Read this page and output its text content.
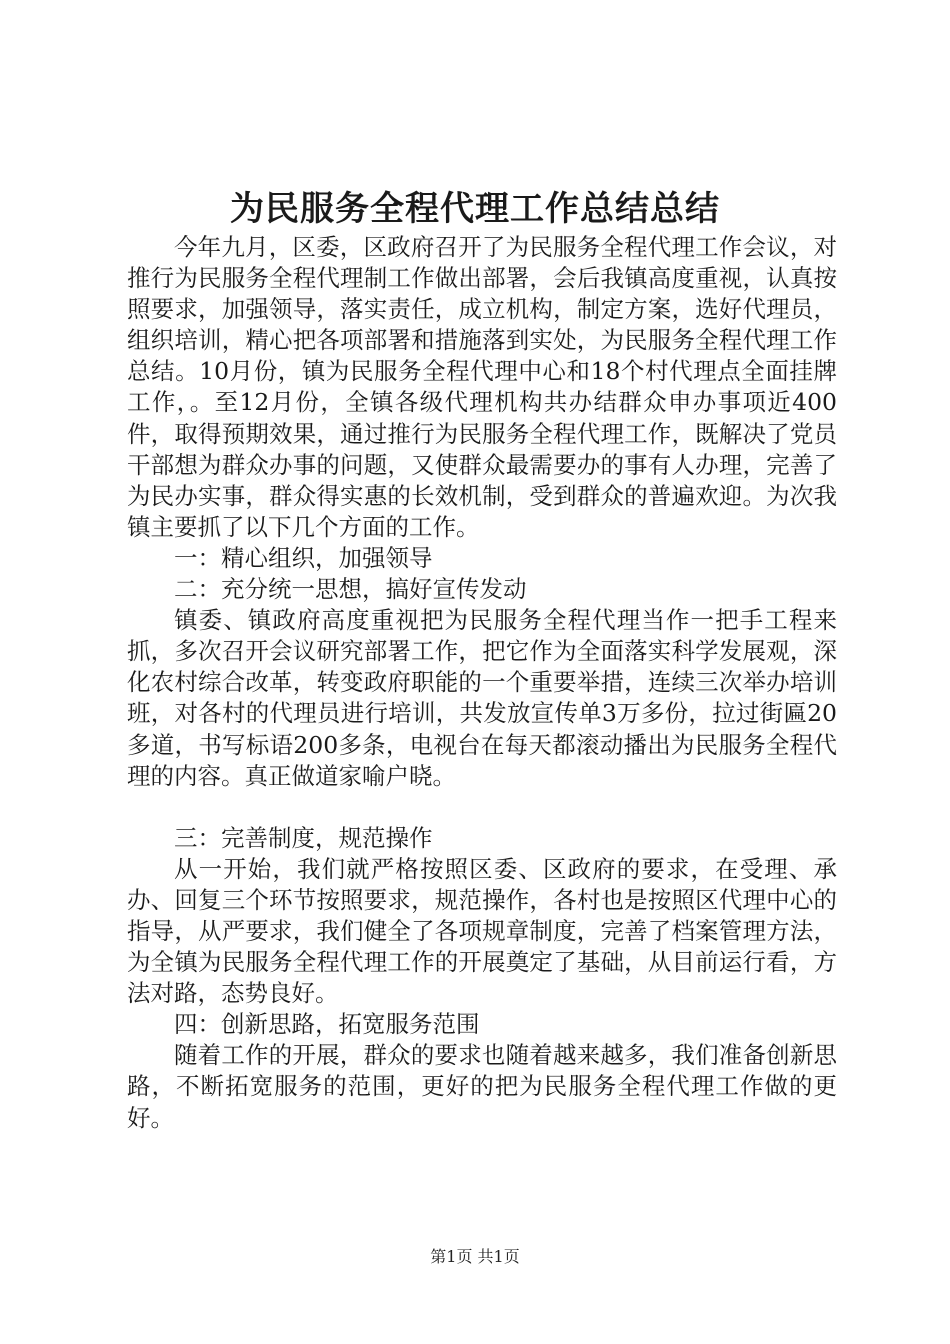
为民服务全程代理工作总结总结

今年九月，区委，区政府召开了为民服务全程代理工作会议，对推行为民服务全程代理制工作做出部署，会后我镇高度重视，认真按照要求，加强领导，落实责任，成立机构，制定方案，选好代理员，组织培训，精心把各项部署和措施落到实处，为民服务全程代理工作总结。10月份，镇为民服务全程代理中心和18个村代理点全面挂牌工作，。至12月份，全镇各级代理机构共办结群众申办事项近400件，取得预期效果，通过推行为民服务全程代理工作，既解决了党员干部想为群众办事的问题，又使群众最需要办的事有人办理，完善了为民办实事，群众得实惠的长效机制，受到群众的普遍欢迎。为次我镇主要抓了以下几个方面的工作。

一：精心组织，加强领导

二：充分统一思想，搞好宣传发动

镇委、镇政府高度重视把为民服务全程代理当作一把手工程来抓，多次召开会议研究部署工作，把它作为全面落实科学发展观，深化农村综合改革，转变政府职能的一个重要举措，连续三次举办培训班，对各村的代理员进行培训，共发放宣传单3万多份，拉过街匾20多道，书写标语200多条，电视台在每天都滚动播出为民服务全程代理的内容。真正做道家喻户晓。

三：完善制度，规范操作

从一开始，我们就严格按照区委、区政府的要求，在受理、承办、回复三个环节按照要求，规范操作，各村也是按照区代理中心的指导，从严要求，我们健全了各项规章制度，完善了档案管理方法，为全镇为民服务全程代理工作的开展奠定了基础，从目前运行看，方法对路，态势良好。

四：创新思路，拓宽服务范围

随着工作的开展，群众的要求也随着越来越多，我们准备创新思路，不断拓宽服务的范围，更好的把为民服务全程代理工作做的更好。

第1页 共1页
